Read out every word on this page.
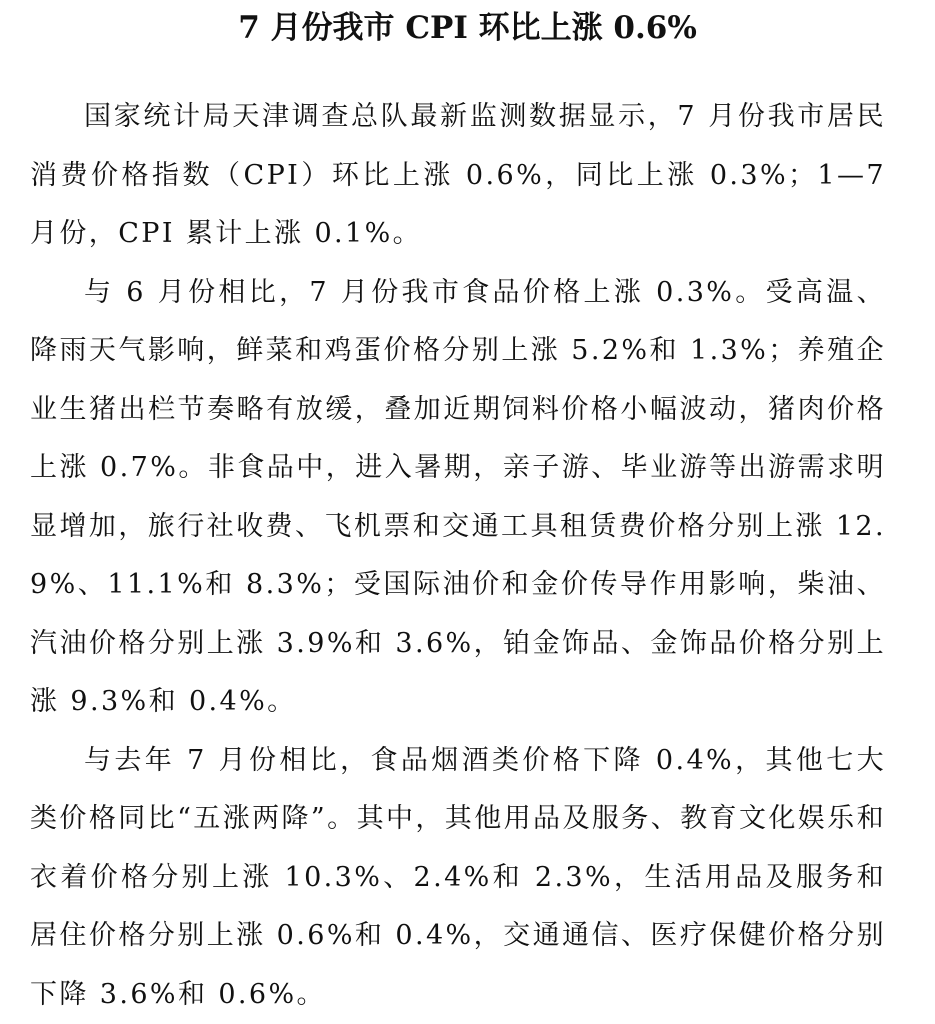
7 月份我市 CPI 环比上涨 0.6%

国家统计局天津调查总队最新监测数据显示，7 月份我市居民消费价格指数（CPI）环比上涨 0.6%，同比上涨 0.3%；1—7 月份，CPI 累计上涨 0.1%。

与 6 月份相比，7 月份我市食品价格上涨 0.3%。受高温、降雨天气影响，鲜菜和鸡蛋价格分别上涨 5.2%和 1.3%；养殖企业生猪出栏节奏略有放缓，叠加近期饲料价格小幅波动，猪肉价格上涨 0.7%。非食品中，进入暑期，亲子游、毕业游等出游需求明显增加，旅行社收费、飞机票和交通工具租赁费价格分别上涨 12.9%、11.1%和 8.3%；受国际油价和金价传导作用影响，柴油、汽油价格分别上涨 3.9%和 3.6%，铂金饰品、金饰品价格分别上涨 9.3%和 0.4%。

与去年 7 月份相比，食品烟酒类价格下降 0.4%，其他七大类价格同比“五涨两降”。其中，其他用品及服务、教育文化娱乐和衣着价格分别上涨 10.3%、2.4%和 2.3%，生活用品及服务和居住价格分别上涨 0.6%和 0.4%，交通通信、医疗保健价格分别下降 3.6%和 0.6%。
